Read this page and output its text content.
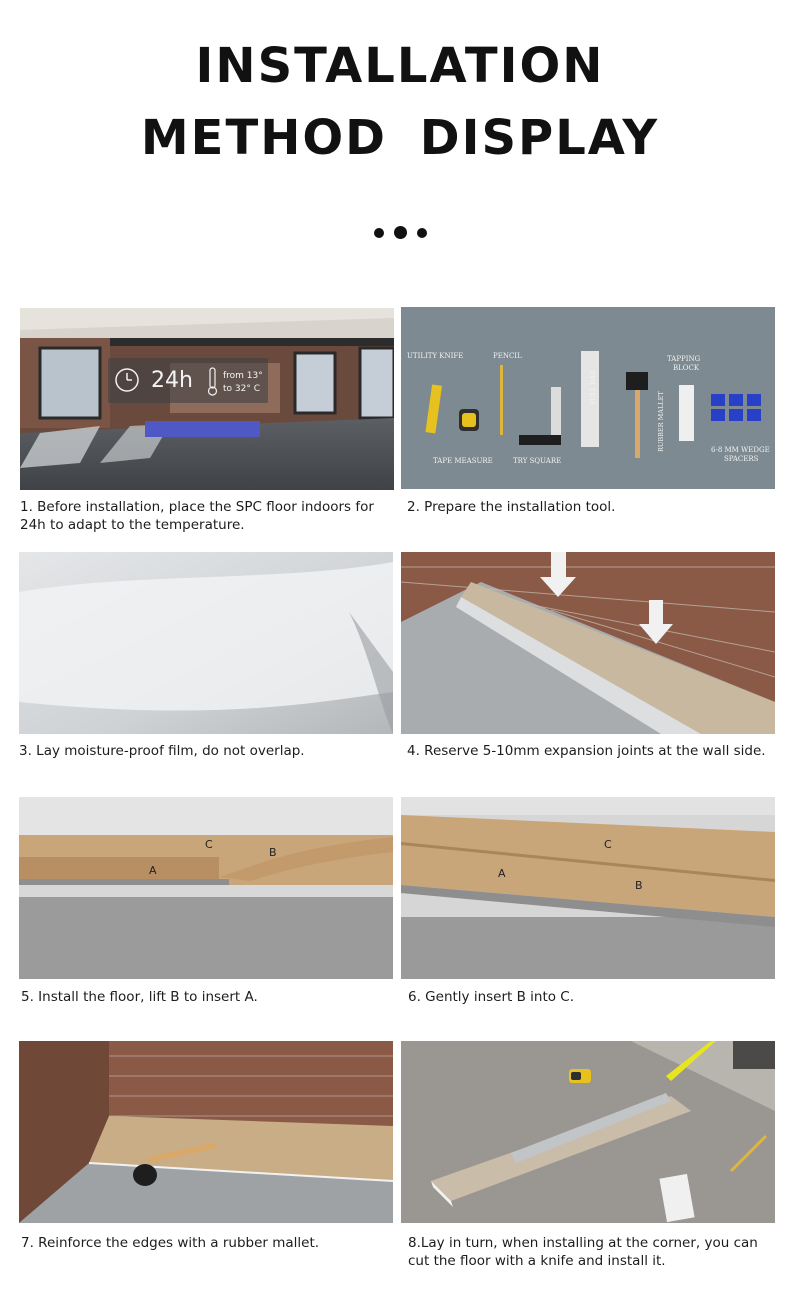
INSTALLATION
METHOD DISPLAY
24h	from 13°
to 32° C
1. Before installation, place the SPC floor indoors for 24h to adapt to the temperature.
UTILITY KNIFE	PENCIL	TAPPING
BLOCK
TAPE MEASURE	TRY SQUARE
PULL BAR
RUBBER MALLET	6-8 MM WEDGE
SPACERS
2. Prepare the installation tool.
3. Lay moisture-proof film, do not overlap.	4. Reserve 5-10mm expansion joints at the wall side.
C
B
A
5. Install the floor, lift B to insert A.
C
A
B
6. Gently insert B into C.
7. Reinforce the edges with a rubber mallet.	8.Lay in turn, when installing at the corner, you can cut the floor with a knife and install it.
